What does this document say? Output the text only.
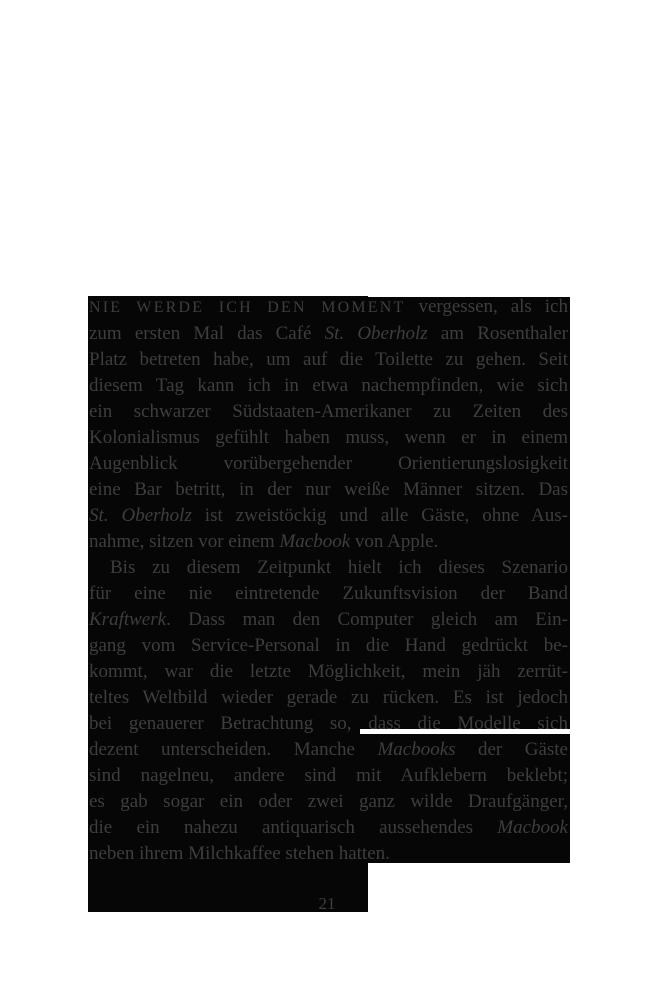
NIE WERDE ICH DEN MOMENT vergessen, als ich
zum ersten Mal das Café St. Oberholz am Rosenthaler
Platz betreten habe, um auf die Toilette zu gehen. Seit
diesem Tag kann ich in etwa nachempfinden, wie sich
ein schwarzer Südstaaten-Amerikaner zu Zeiten des
Kolonialismus gefühlt haben muss, wenn er in einem
Augenblick vorübergehender Orientierungslosigkeit
eine Bar betritt, in der nur weiße Männer sitzen. Das
St. Oberholz ist zweistöckig und alle Gäste, ohne Aus-
nahme, sitzen vor einem Macbook von Apple.
Bis zu diesem Zeitpunkt hielt ich dieses Szenario
für eine nie eintretende Zukunftsvision der Band
Kraftwerk. Dass man den Computer gleich am Ein-
gang vom Service-Personal in die Hand gedrückt be-
kommt, war die letzte Möglichkeit, mein jäh zerrüt-
teltes Weltbild wieder gerade zu rücken. Es ist jedoch
bei genauerer Betrachtung so, dass die Modelle sich
dezent unterscheiden. Manche Macbooks der Gäste
sind nagelneu, andere sind mit Aufklebern beklebt;
es gab sogar ein oder zwei ganz wilde Draufgänger,
die ein nahezu antiquarisch aussehendes Macbook
neben ihrem Milchkaffee stehen hatten.
21
